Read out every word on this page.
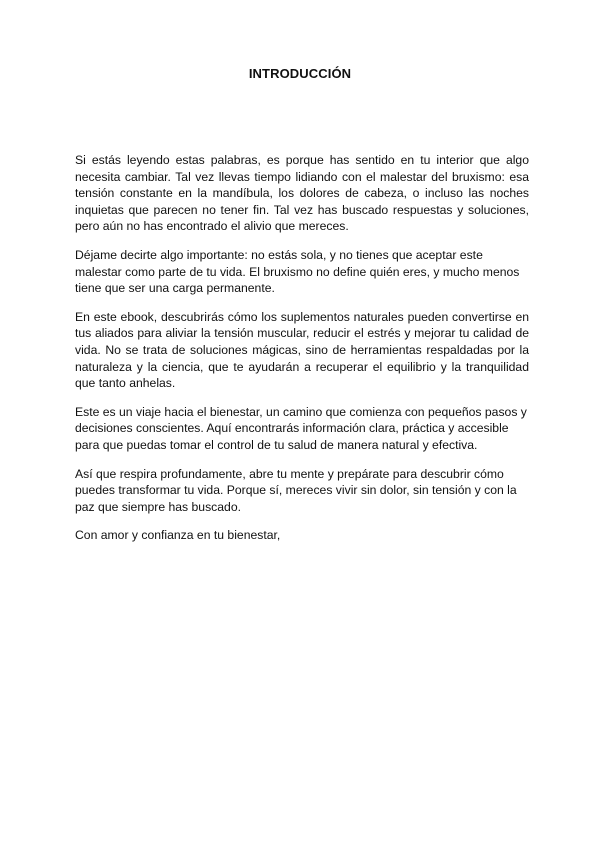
INTRODUCCIÓN

Si estás leyendo estas palabras, es porque has sentido en tu interior que algo necesita cambiar. Tal vez llevas tiempo lidiando con el malestar del bruxismo: esa tensión constante en la mandíbula, los dolores de cabeza, o incluso las noches inquietas que parecen no tener fin. Tal vez has buscado respuestas y soluciones, pero aún no has encontrado el alivio que mereces.

Déjame decirte algo importante: no estás sola, y no tienes que aceptar este malestar como parte de tu vida. El bruxismo no define quién eres, y mucho menos tiene que ser una carga permanente.

En este ebook, descubrirás cómo los suplementos naturales pueden convertirse en tus aliados para aliviar la tensión muscular, reducir el estrés y mejorar tu calidad de vida. No se trata de soluciones mágicas, sino de herramientas respaldadas por la naturaleza y la ciencia, que te ayudarán a recuperar el equilibrio y la tranquilidad que tanto anhelas.

Este es un viaje hacia el bienestar, un camino que comienza con pequeños pasos y decisiones conscientes. Aquí encontrarás información clara, práctica y accesible para que puedas tomar el control de tu salud de manera natural y efectiva.

Así que respira profundamente, abre tu mente y prepárate para descubrir cómo puedes transformar tu vida. Porque sí, mereces vivir sin dolor, sin tensión y con la paz que siempre has buscado.

Con amor y confianza en tu bienestar,
